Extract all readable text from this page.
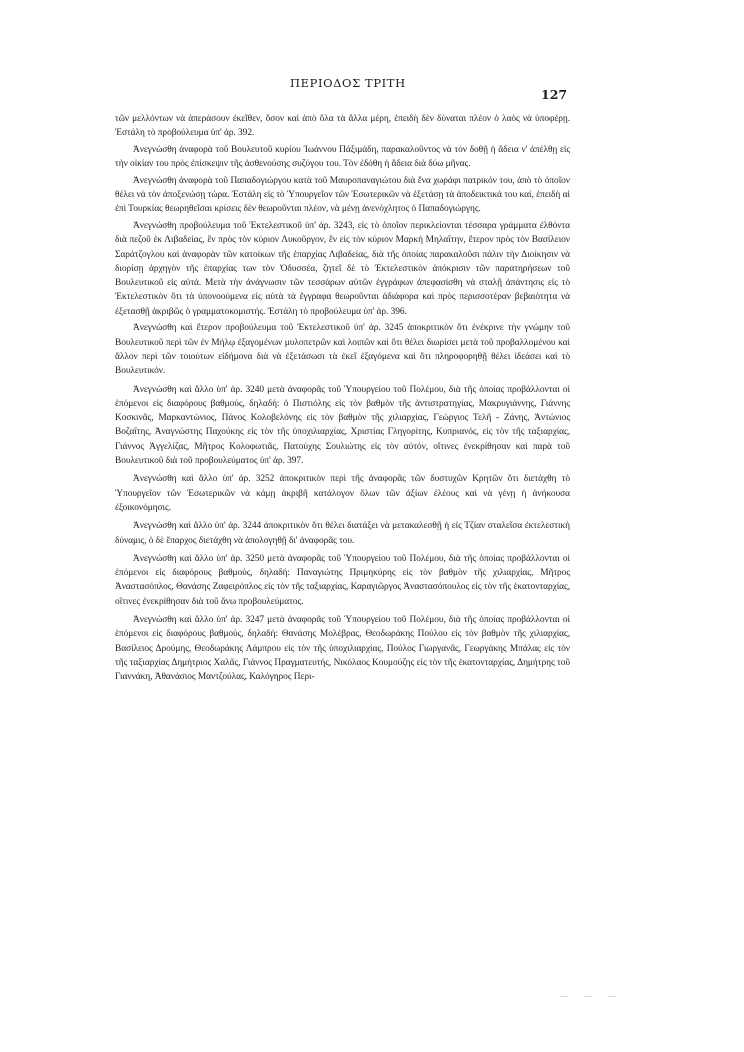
ΠΕΡΙΟΔΟΣ ΤΡΙΤΗ
127

τῶν μελλόντων νὰ ἀπεράσουν ἐκεῖθεν, ὅσον καὶ ἀπὸ ὅλα τὰ ἄλλα μέρη, ἐπειδὴ δὲν δύναται πλέον ὁ λαὸς νὰ ὑποφέρῃ. Ἐστάλη τὸ προβούλευμα ὑπ' ἀρ. 392.

Ἀνεγνώσθη ἀναφορὰ τοῦ Βουλευτοῦ κυρίου Ἰωάννου Πάξιμάδη, παρακαλοῦντος νὰ τὸν δοθῇ ἡ ἄδεια ν' ἀπέλθῃ εἰς τὴν οἰκίαν του πρὸς ἐπίσκεψιν τῆς ἀσθενούσης συζύγου του. Τὸν ἐδόθη ἡ ἄδεια διὰ δύω μῆνας.

Ἀνεγνώσθη ἀναφορὰ τοῦ Παπαδογιώργου κατὰ τοῦ Μαυροπαναγιώτου διὰ ἕνα χωράφι πατρικόν του, ἀπὸ τὸ ὁποῖον θέλει νὰ τὸν ἀποξενώσῃ τώρα. Ἐστάλη εἰς τὸ Ὑπουργεῖον τῶν Ἐσωτερικῶν νὰ ἐξετάσῃ τὰ ἀποδεικτικά του καί, ἐπειδὴ αἱ ἐπὶ Τουρκίας θεωρηθεῖσαι κρίσεις δὲν θεωροῦνται πλέον, νὰ μένῃ ἀνενόχλητος ὁ Παπαδογιώργης.

Ἀνεγνώσθη προβούλευμα τοῦ Ἐκτελεστικοῦ ὑπ' ἀρ. 3243, εἰς τὸ ὁποῖον περικλείονται τέσσαρα γράμματα ἐλθόντα διὰ πεζοῦ ἐκ Λιβαδείας, ἓν πρὸς τὸν κύριον Λυκοῦργον, ἓν εἰς τὸν κύριον Μαρκὴ Μηλαΐτην, ἕτερον πρὸς τὸν Βασίλειον Σαράτζογλου καὶ ἀναφορὰν τῶν κατοίκων τῆς ἐπαρχίας Λιβαδείας, διὰ τῆς ὁποίας παρακαλοῦσι πάλιν τὴν Διοίκησιν νὰ διορίσῃ ἀρχηγὸν τῆς ἐπαρχίας των τὸν Ὀδυσσέα, ζητεῖ δὲ τὸ Ἐκτελεστικὸν ἀπόκρισιν τῶν παρατηρήσεων τοῦ Βουλευτικοῦ εἰς αὐτά. Μετὰ τὴν ἀνάγνωσιν τῶν τεσσάρων αὐτῶν ἐγγράφων ἀπεφασίσθη νὰ σταλῇ ἀπάντησις εἰς τὸ Ἐκτελεστικὸν ὅτι τὰ ὑπονοούμενα εἰς αὐτὰ τὰ ἔγγραφα θεωροῦνται ἀδιάφορα καὶ πρὸς περισσοτέραν βεβαιότητα νὰ ἐξετασθῇ ἀκριβῶς ὁ γραμματοκομιστής. Ἐστάλη τὸ προβούλευμα ὑπ' ἀρ. 396.

Ἀνεγνώσθη καὶ ἕτερον προβούλευμα τοῦ Ἐκτελεστικοῦ ὑπ' ἀρ. 3245 ἀποκριτικὸν ὅτι ἐνέκρινε τὴν γνώμην τοῦ Βουλευτικοῦ περὶ τῶν ἐν Μήλῳ ἐξαγομένων μυλοπετρῶν καὶ λοιπῶν καὶ ὅτι θέλει διωρίσει μετὰ τοῦ προβαλλομένου καὶ ἄλλον περὶ τῶν τοιούτων εἰδήμονα διὰ νὰ ἐξετάσωσι τὰ ἐκεῖ ἐξαγόμενα καὶ ὅτι πληροφορηθῇ θέλει ἰδεάσει καὶ τὸ Βουλευτικόν.

Ἀνεγνώσθη καὶ ἄλλο ὑπ' ἀρ. 3240 μετὰ ἀναφορᾶς τοῦ Ὑπουργείου τοῦ Πολέμου, διὰ τῆς ὁποίας προβάλλονται οἱ ἑπόμενοι εἰς διαφόρους βαθμούς, δηλαδή: ὁ Πιστιόλης εἰς τὸν βαθμὸν τῆς ἀντιστρατηγίας, Μακρυγιάννης, Γιάννης Κοσκινᾶς, Μαρκαντώνιος, Πάνος Κολοβελόνης εἰς τὸν βαθμὸν τῆς χιλιαρχίας, Γεώργιος Τελῆ - Ζάνης, Ἀντώνιος Βοζαΐτης, Ἀναγνώστης Παχούκης εἰς τὸν τῆς ὑποχιλιαρχίας, Χριστίας Γληγορίτης, Κυπριανός, εἰς τὸν τῆς ταξιαρχίας, Γιάννος Ἀγγελίζας, Μῆτρος Κολοφωτιᾶς, Πατούχης Σουλιώτης εἰς τὸν αὐτόν, οἵτινες ἐνεκρίθησαν καὶ παρὰ τοῦ Βουλευτικοῦ διὰ τοῦ προβουλεύματος ὑπ' ἀρ. 397.

Ἀνεγνώσθη καὶ ἄλλο ὑπ' ἀρ. 3252 ἀποκριτικὸν περὶ τῆς ἀναφορᾶς τῶν δυστυχῶν Κρητῶν ὅτι διετάχθη τὸ Ὑπουργεῖον τῶν Ἐσωτερικῶν νὰ κάμῃ ἀκριβῆ κατάλογον ὅλων τῶν ἀξίων ἐλέους καὶ νὰ γένῃ ἡ ἀνήκουσα ἐξοικονόμησις.

Ἀνεγνώσθη καὶ ἄλλο ὑπ' ἀρ. 3244 ἀποκριτικὸν ὅτι θέλει διατάξει νὰ μετακαλεσθῇ ἡ εἰς Τζίαν σταλεῖσα ἐκτελεστικὴ δύναμις, ὁ δὲ ἔπαρχος διετάχθη νὰ ἀπολογηθῇ δι' ἀναφορᾶς του.

Ἀνεγνώσθη καὶ ἄλλο ὑπ' ἀρ. 3250 μετὰ ἀναφορᾶς τοῦ Ὑπουργείου τοῦ Πολέμου, διὰ τῆς ὁποίας προβάλλονται οἱ ἑπόμενοι εἰς διαφόρους βαθμούς, δηλαδή: Παναγιώτης Πριμηκύρης εἰς τὸν βαθμὸν τῆς χιλιαρχίας, Μῆτρος Ἀναστασόπλος, Θανάσης Ζαφειρόπλος εἰς τὸν τῆς ταξιαρχίας, Καραγιῶργος Ἀναστασόπουλος εἰς τὸν τῆς ἑκατονταρχίας, οἵτινες ἐνεκρίθησαν διὰ τοῦ ἄνω προβουλεύματος.

Ἀνεγνώσθη καὶ ἄλλο ὑπ' ἀρ. 3247 μετὰ ἀναφορᾶς τοῦ Ὑπουργείου τοῦ Πολέμου, διὰ τῆς ὁποίας προβάλλονται οἱ ἑπόμενοι εἰς διαφόρους βαθμούς, δηλαδή: Θανάσης Μολέβρας, Θεοδωράκης Πούλου εἰς τὸν βαθμὸν τῆς χιλιαρχίας, Βασίλειος Δρούμης, Θεοδωράκης Λάμπρου εἰς τὸν τῆς ὑποχιλιαρχίας, Πούλος Γιωργανᾶς, Γεωργάκης Μπάλας εἰς τὸν τῆς ταξιαρχίας Δημήτριος Χαλᾶς, Γιάννος Πραγματευτής, Νικόλαος Κουμούζης εἰς τὸν τῆς ἑκατονταρχίας, Δημήτρης τοῦ Γιαννάκη, Ἀθανάσιος Μαντζούλας, Καλόγηρος Περι-

— — —
